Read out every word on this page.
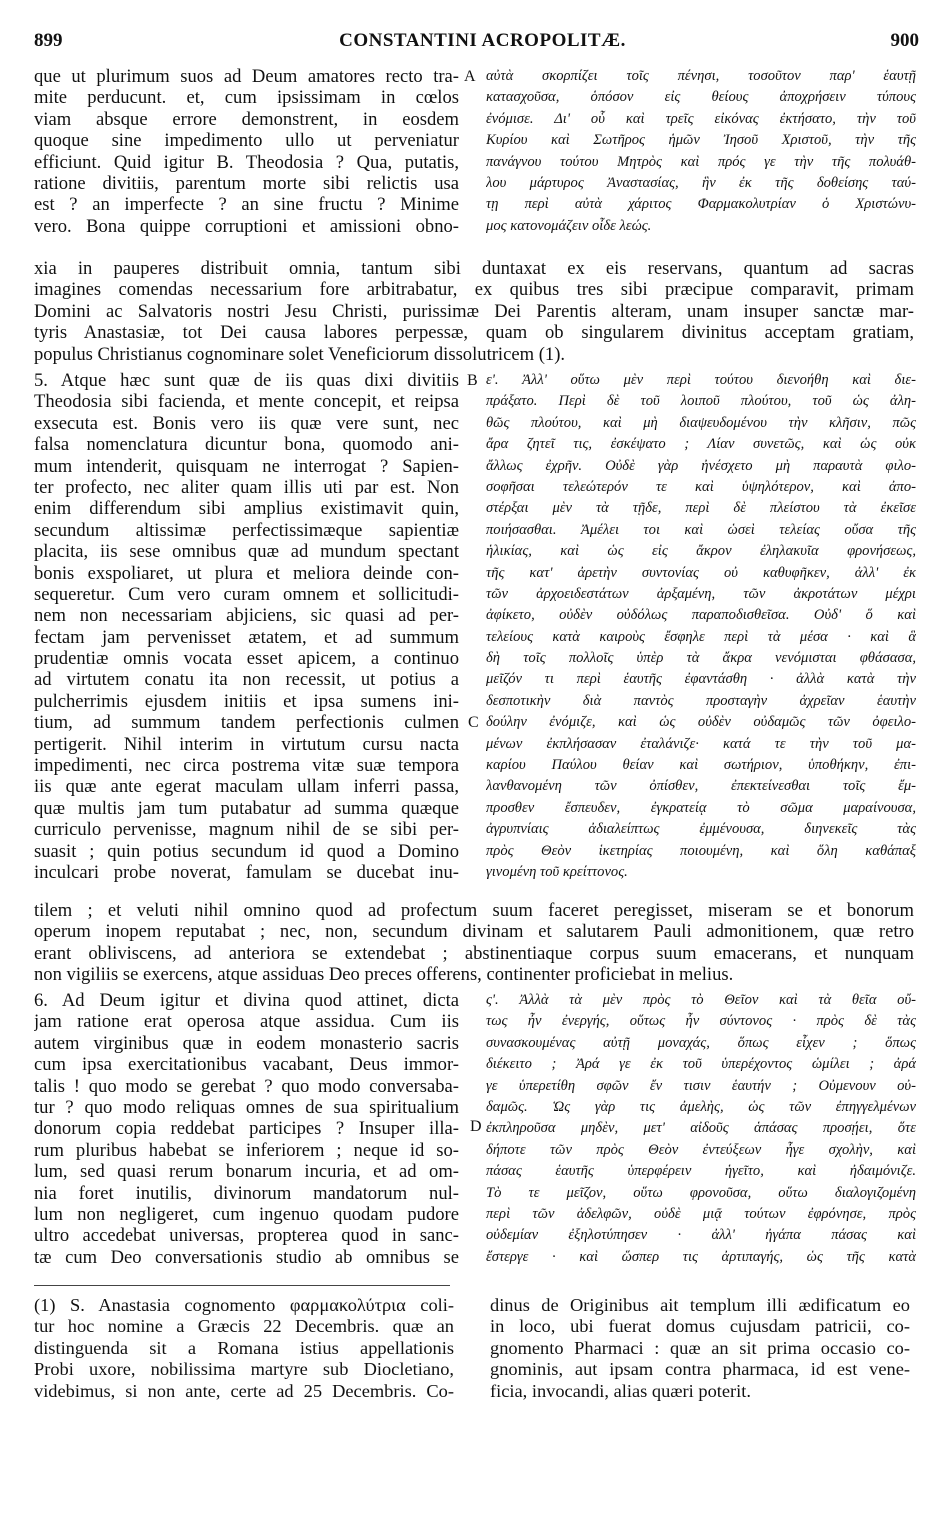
899	CONSTANTINI ACROPOLITÆ.	900
que ut plurimum suos ad Deum amatores recto tra-
mite perducunt. et, cum ipsissimam in cœlos
viam absque errore demonstrent, in eosdem
quoque sine impedimento ullo ut perveniatur
efficiunt. Quid igitur B. Theodosia ? Qua, putatis,
ratione divitiis, parentum morte sibi relictis usa
est ? an imperfecte ? an sine fructu ? Minime
vero. Bona quippe corruptioni et amissioni obno-
A αὐτὰ σκορπίζει τοῖς πένησι, τοσοῦτον παρ' ἑαυτῇ
κατασχοῦσα, ὁπόσον εἰς θείους ἀποχρήσειν τύπους
ἐνόμισε. Δι' οὗ καὶ τρεῖς εἰκόνας ἐκτήσατο, τὴν τοῦ
Κυρίου καὶ Σωτῆρος ἡμῶν Ἰησοῦ Χριστοῦ, τὴν τῆς
πανάγνου τούτου Μητρὸς καὶ πρός γε τὴν τῆς πολυάθ-
λου μάρτυρος Ἀναστασίας, ἣν ἐκ τῆς δοθείσης ταύ-
τῃ περὶ αὐτὰ χάριτος Φαρμακολυτρίαν ὁ Χριστώνυ-
μος κατονομάζειν οἶδε λεώς.
xia in pauperes distribuit omnia, tantum sibi duntaxat ex eis reservans, quantum ad sacras
imagines comendas necessarium fore arbitrabatur, ex quibus tres sibi præcipue comparavit, primam
Domini ac Salvatoris nostri Jesu Christi, purissimæ Dei Parentis alteram, unam insuper sanctæ mar-
tyris Anastasiæ, tot Dei causa labores perpessæ, quam ob singularem divinitus acceptam gratiam,
populus Christianus cognominare solet Veneficiorum dissolutricem (1).
5. Atque hæc sunt quæ de iis quas dixi divitiis
Theodosia sibi facienda, et mente concepit, et reipsa
exsecuta est. Bonis vero iis quæ vere sunt, nec
falsa nomenclatura dicuntur bona, quomodo ani-
mum intenderit, quisquam ne interrogat ? Sapien-
ter profecto, nec aliter quam illis uti par est. Non
enim differendum sibi amplius existimavit quin,
secundum altissimæ perfectissimæque sapientiæ
placita, iis sese omnibus quæ ad mundum spectant
bonis exspoliaret, ut plura et meliora deinde con-
sequeretur. Cum vero curam omnem et sollicitudi-
nem non necessariam abjiciens, sic quasi ad per-
fectam jam pervenisset ætatem, et ad summum
prudentiæ omnis vocata esset apicem, a continuo
ad virtutem conatu ita non recessit, ut potius a
pulcherrimis ejusdem initiis et ipsa sumens ini-
tium, ad summum tandem perfectionis culmen
pertigerit. Nihil interim in virtutum cursu nacta
impedimenti, nec circa postrema vitæ suæ tempora
iis quæ ante egerat maculam ullam inferri passa,
quæ multis jam tum putabatur ad summa quæque
curriculo pervenisse, magnum nihil de se sibi per-
suasit ; quin potius secundum id quod a Domino
inculcari probe noverat, famulam se ducebat inu-
B
C
ε'. Ἀλλ' οὕτω μὲν περὶ τούτου διενοήθη καὶ διε-
πράξατο. Περὶ δὲ τοῦ λοιποῦ πλούτου, τοῦ ὡς ἀλη-
θῶς πλούτου, καὶ μὴ διαψευδομένου τὴν κλῆσιν, πῶς
ἄρα ζητεῖ τις, ἐσκέψατο ; Λίαν συνετῶς, καὶ ὡς οὐκ
ἄλλως ἐχρῆν. Οὐδὲ γὰρ ἠνέσχετο μὴ παραυτὰ φιλο-
σοφῆσαι τελεώτερόν τε καὶ ὑψηλότερον, καὶ ἀπο-
στέρξαι μὲν τὰ τῇδε, περὶ δὲ πλείστου τὰ ἐκεῖσε
ποιήσασθαι. Ἀμέλει τοι καὶ ὡσεὶ τελείας οὔσα τῆς
ἡλικίας, καὶ ὡς εἰς ἄκρον ἐληλακυῖα φρονήσεως,
τῆς κατ' ἀρετὴν συντονίας οὐ καθυφῆκεν, ἀλλ' ἐκ
τῶν ἀρχοειδεστάτων ἀρξαμένη, τῶν ἀκροτάτων μέχρι
ἀφίκετο, οὐδὲν οὐδόλως παραποδισθεῖσα. Οὐδ' ὅ καὶ
τελείους κατὰ καιροὺς ἔσφηλε περὶ τὰ μέσα · καὶ ἃ
δὴ τοῖς πολλοῖς ὑπὲρ τὰ ἄκρα νενόμισται φθάσασα,
μεῖζόν τι περὶ ἑαυτῆς ἐφαντάσθη · ἀλλὰ κατὰ τὴν
δεσποτικὴν διὰ παντὸς προσταγὴν ἀχρεῖαν ἑαυτὴν
δούλην ἐνόμιζε, καὶ ὡς οὐδὲν οὐδαμῶς τῶν ὀφειλο-
μένων ἐκπλήσασαν ἐταλάνιζε· κατά τε τὴν τοῦ μα-
καρίου Παύλου θείαν καὶ σωτήριον, ὑποθήκην, ἐπι-
λανθανομένη τῶν ὀπίσθεν, ἐπεκτείνεσθαι τοῖς ἔμ-
προσθεν ἔσπευδεν, ἐγκρατείᾳ τὸ σῶμα μαραίνουσα,
ἀγρυπνίαις ἀδιαλείπτως ἐμμένουσα, διηνεκεῖς τὰς
πρὸς Θεὸν ἱκετηρίας ποιουμένη, καὶ ὅλη καθάπαξ
γινομένη τοῦ κρείττονος.
tilem ; et veluti nihil omnino quod ad profectum suum faceret peregisset, miseram se et bonorum
operum inopem reputabat ; nec, non, secundum divinam et salutarem Pauli admonitionem, quæ retro
erant obliviscens, ad anteriora se extendebat ; abstinentiaque corpus suum emacerans, et nunquam
non vigiliis se exercens, atque assiduas Deo preces offerens, continenter proficiebat in melius.
6. Ad Deum igitur et divina quod attinet, dicta
jam ratione erat operosa atque assidua. Cum iis
autem virginibus quæ in eodem monasterio sacris
cum ipsa exercitationibus vacabant, Deus immor-
talis ! quo modo se gerebat ? quo modo conversaba-
tur ? quo modo reliquas omnes de sua spiritualium
donorum copia reddebat participes ? Insuper illa-
rum pluribus habebat se inferiorem ; neque id so-
lum, sed quasi rerum bonarum incuria, et ad om-
nia foret inutilis, divinorum mandatorum nul-
lum non negligeret, cum ingenuo quodam pudore
ultro accedebat universas, propterea quod in sanc-
tæ cum Deo conversationis studio ab omnibus se
D
ς'. Ἀλλὰ τὰ μὲν πρὸς τὸ Θεῖον καὶ τὰ θεῖα οὔ-
τως ἦν ἐνεργής, οὕτως ἦν σύντονος · πρὸς δὲ τὰς
συνασκουμένας αὐτῇ μοναχάς, ὅπως εἶχεν ; ὅπως
διέκειτο ; Ἀρά γε ἐκ τοῦ ὑπερέχοντος ὡμίλει ; ἀρά
γε ὑπερετίθη σφῶν ἔν τισιν ἑαυτήν ; Οὐμενουν οὐ-
δαμῶς. Ὡς γὰρ τις ἀμελὴς, ὡς τῶν ἐπηγγελμένων
ἐκπληροῦσα μηδὲν, μετ' αἰδοῦς ἁπάσας προσῄει, ὅτε
δήποτε τῶν πρὸς Θεὸν ἐντεύξεων ἦγε σχολὴν, καὶ
πάσας ἑαυτῆς ὑπερφέρειν ἡγεῖτο, καὶ ἠδαιμόνιζε.
Τὸ τε μεῖζον, οὕτω φρονοῦσα, οὕτω διαλογιζομένη
περὶ τῶν ἀδελφῶν, οὐδὲ μιᾷ τούτων ἐφρόνησε, πρὸς
οὐδεμίαν ἐξηλοτύπησεν · ἀλλ' ἠγάπα πάσας καὶ
ἔστεργε · καὶ ὥσπερ τις ἀρτιπαγής, ὡς τῆς κατὰ
(1) S. Anastasia cognomento φαρμακολύτρια coli-
tur hoc nomine a Græcis 22 Decembris. quæ an
distinguenda sit a Romana istius appellationis
Probi uxore, nobilissima martyre sub Diocletiano,
videbimus, si non ante, certe ad 25 Decembris. Co-
dinus de Originibus ait templum illi ædificatum eo
in loco, ubi fuerat domus cujusdam patricii, co-
gnomento Pharmaci : quæ an sit prima occasio co-
gnominis, aut ipsam contra pharmaca, id est vene-
ficia, invocandi, alias quæri poterit.
